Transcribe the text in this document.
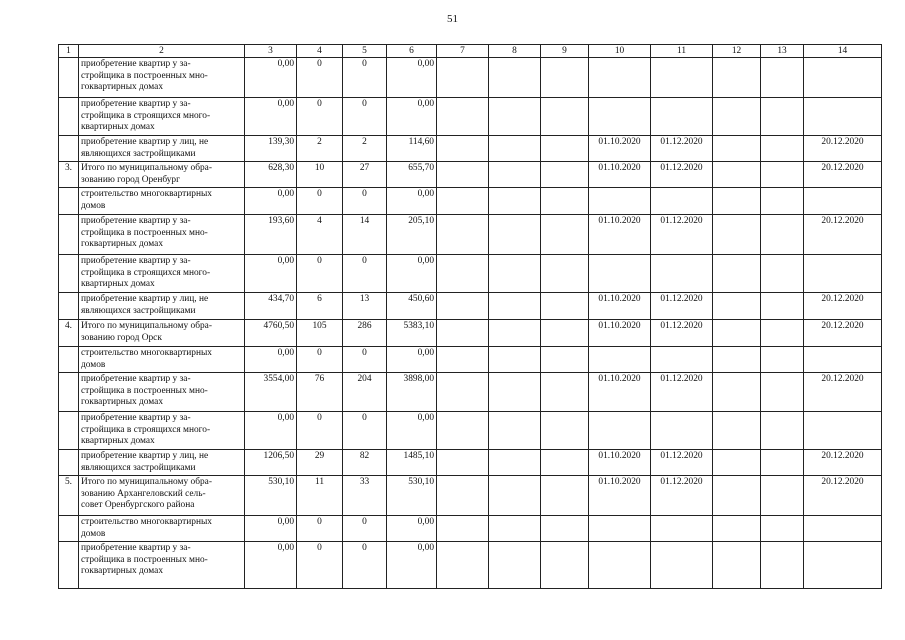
51
1	2	3	4	5	6	7	8	9	10	11	12	13	14
	приобретение квартир у за-
стройщика в построенных мно-
гоквартирных домах	0,00	0	0	0,00								
	приобретение квартир у за-
стройщика в строящихся много-
квартирных домах	0,00	0	0	0,00								
	приобретение квартир у лиц, не
являющихся застройщиками	139,30	2	2	114,60				01.10.2020	01.12.2020			20.12.2020
3.	Итого по муниципальному обра-
зованию город Оренбург	628,30	10	27	655,70				01.10.2020	01.12.2020			20.12.2020
	строительство многоквартирных
домов	0,00	0	0	0,00								
	приобретение квартир у за-
стройщика в построенных мно-
гоквартирных домах	193,60	4	14	205,10				01.10.2020	01.12.2020			20.12.2020
	приобретение квартир у за-
стройщика в строящихся много-
квартирных домах	0,00	0	0	0,00								
	приобретение квартир у лиц, не
являющихся застройщиками	434,70	6	13	450,60				01.10.2020	01.12.2020			20.12.2020
4.	Итого по муниципальному обра-
зованию город Орск	4760,50	105	286	5383,10				01.10.2020	01.12.2020			20.12.2020
	строительство многоквартирных
домов	0,00	0	0	0,00								
	приобретение квартир у за-
стройщика в построенных мно-
гоквартирных домах	3554,00	76	204	3898,00				01.10.2020	01.12.2020			20.12.2020
	приобретение квартир у за-
стройщика в строящихся много-
квартирных домах	0,00	0	0	0,00								
	приобретение квартир у лиц, не
являющихся застройщиками	1206,50	29	82	1485,10				01.10.2020	01.12.2020			20.12.2020
5.	Итого по муниципальному обра-
зованию Архангеловский сель-
совет Оренбургского района	530,10	11	33	530,10				01.10.2020	01.12.2020			20.12.2020
	строительство многоквартирных
домов	0,00	0	0	0,00								
	приобретение квартир у за-
стройщика в построенных мно-
гоквартирных домах	0,00	0	0	0,00								
